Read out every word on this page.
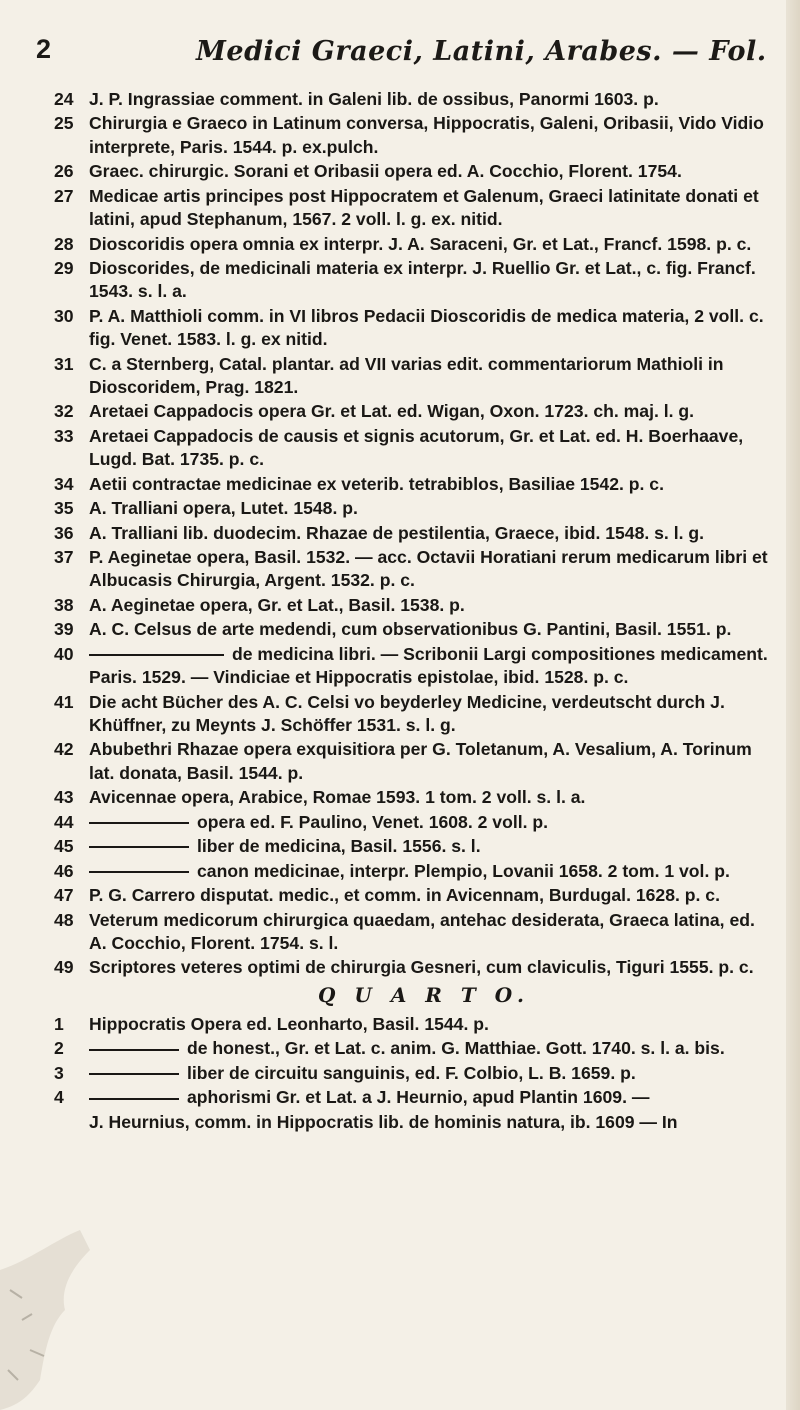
2	Medici Graeci, Latini, Arabes. — Fol.
24 J. P. Ingrassiae comment. in Galeni lib. de ossibus, Panormi 1603. p.
25 Chirurgia e Graeco in Latinum conversa, Hippocratis, Galeni, Oribasii, Vido Vidio interprete, Paris. 1544. p. ex.pulch.
26 Graec. chirurgic. Sorani et Oribasii opera ed. A. Cocchio, Florent. 1754.
27 Medicae artis principes post Hippocratem et Galenum, Graeci latinitate donati et latini, apud Stephanum, 1567. 2 voll. l. g. ex. nitid.
28 Dioscoridis opera omnia ex interpr. J. A. Saraceni, Gr. et Lat., Francf. 1598. p. c.
29 Dioscorides, de medicinali materia ex interpr. J. Ruellio Gr. et Lat., c. fig. Francf. 1543. s. l. a.
30 P. A. Matthioli comm. in VI libros Pedacii Dioscoridis de medica materia, 2 voll. c. fig. Venet. 1583. l. g. ex nitid.
31 C. a Sternberg, Catal. plantar. ad VII varias edit. commentariorum Mathioli in Dioscoridem, Prag. 1821.
32 Aretaei Cappadocis opera Gr. et Lat. ed. Wigan, Oxon. 1723. ch. maj. l. g.
33 Aretaei Cappadocis de causis et signis acutorum, Gr. et Lat. ed. H. Boerhaave, Lugd. Bat. 1735. p. c.
34 Aetii contractae medicinae ex veterib. tetrabiblos, Basiliae 1542. p. c.
35 A. Tralliani opera, Lutet. 1548. p.
36 A. Tralliani lib. duodecim. Rhazae de pestilentia, Graece, ibid. 1548. s. l. g.
37 P. Aeginetae opera, Basil. 1532. — acc. Octavii Horatiani rerum medicarum libri et Albucasis Chirurgia, Argent. 1532. p. c.
38 A. Aeginetae opera, Gr. et Lat., Basil. 1538. p.
39 A. C. Celsus de arte medendi, cum observationibus G. Pantini, Basil. 1551. p.
40	de medicina libri. — Scribonii Largi compositiones medicament. Paris. 1529. — Vindiciae et Hippocratis epistolae, ibid. 1528. p. c.
41 Die acht Bücher des A. C. Celsi vo beyderley Medicine, verdeutscht durch J. Khüffner, zu Meynts J. Schöffer 1531. s. l. g.
42 Abubethri Rhazae opera exquisitiora per G. Toletanum, A. Vesalium, A. Torinum lat. donata, Basil. 1544. p.
43 Avicennae opera, Arabice, Romae 1593. 1 tom. 2 voll. s. l. a.
44	opera ed. F. Paulino, Venet. 1608. 2 voll. p.
45	liber de medicina, Basil. 1556. s. l.
46	canon medicinae, interpr. Plempio, Lovanii 1658. 2 tom. 1 vol. p.
47 P. G. Carrero disputat. medic., et comm. in Avicennam, Burdugal. 1628. p. c.
48 Veterum medicorum chirurgica quaedam, antehac desiderata, Graeca latina, ed. A. Cocchio, Florent. 1754. s. l.
49 Scriptores veteres optimi de chirurgia Gesneri, cum claviculis, Tiguri 1555. p. c.
Q U A R T O.
1 Hippocratis Opera ed. Leonharto, Basil. 1544. p.
2	de honest., Gr. et Lat. c. anim. G. Matthiae. Gott. 1740. s. l. a. bis.
3	liber de circuitu sanguinis, ed. F. Colbio, L. B. 1659. p.
4	aphorismi Gr. et Lat. a J. Heurnio, apud Plantin 1609. —
J. Heurnius, comm. in Hippocratis lib. de hominis natura, ib. 1609 — In
